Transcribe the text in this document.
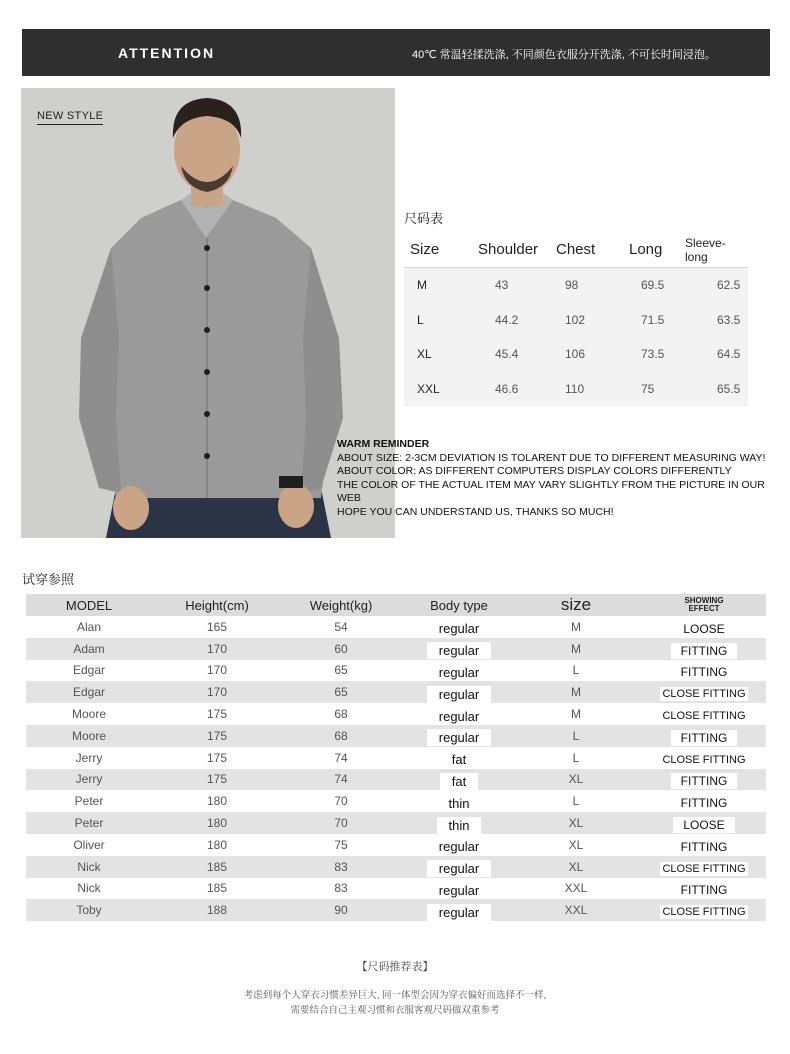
ATTENTION	40℃ 常温轻揉洗涤, 不同颜色衣服分开洗涤, 不可长时间浸泡。
NEW STYLE
尺码表
Size	Shoulder Chest Long Sleeve-long
M	43	98	69.5	62.5
L	44.2	102	71.5	63.5
XL	45.4	106	73.5	64.5
XXL	46.6	110	75	65.5
WARM REMINDER
ABOUT SIZE: 2-3CM DEVIATION IS TOLARENT DUE TO DIFFERENT MEASURING WAY!
ABOUT COLOR: AS DIFFERENT COMPUTERS DISPLAY COLORS DIFFERENTLY
THE COLOR OF THE ACTUAL ITEM MAY VARY SLIGHTLY FROM THE PICTURE IN OUR WEB
HOPE YOU CAN UNDERSTAND US, THANKS SO MUCH!
试穿参照
MODEL	Height(cm)	Weight(kg)	Body type	size	SHOWING
EFFECT
Alan	165	54	regular	M	LOOSE
Adam	170	60	regular	M	FITTING
Edgar	170	65	regular	L	FITTING
Edgar	170	65	regular	M	CLOSE FITTING
Moore	175	68	regular	M	CLOSE FITTING
Moore	175	68	regular	L	FITTING
Jerry	175	74	fat	L	CLOSE FITTING
Jerry	175	74	fat	XL	FITTING
Peter	180	70	thin	L	FITTING
Peter	180	70	thin	XL	LOOSE
Oliver	180	75	regular	XL	FITTING
Nick	185	83	regular	XL	CLOSE FITTING
Nick	185	83	regular	XXL	FITTING
Toby	188	90	regular	XXL	CLOSE FITTING
【尺码推荐表】
考虑到每个人穿衣习惯差异巨大, 同一体型会因为穿衣偏好而选择不一样,
需要结合自己主观习惯和衣服客观尺码做双重参考
